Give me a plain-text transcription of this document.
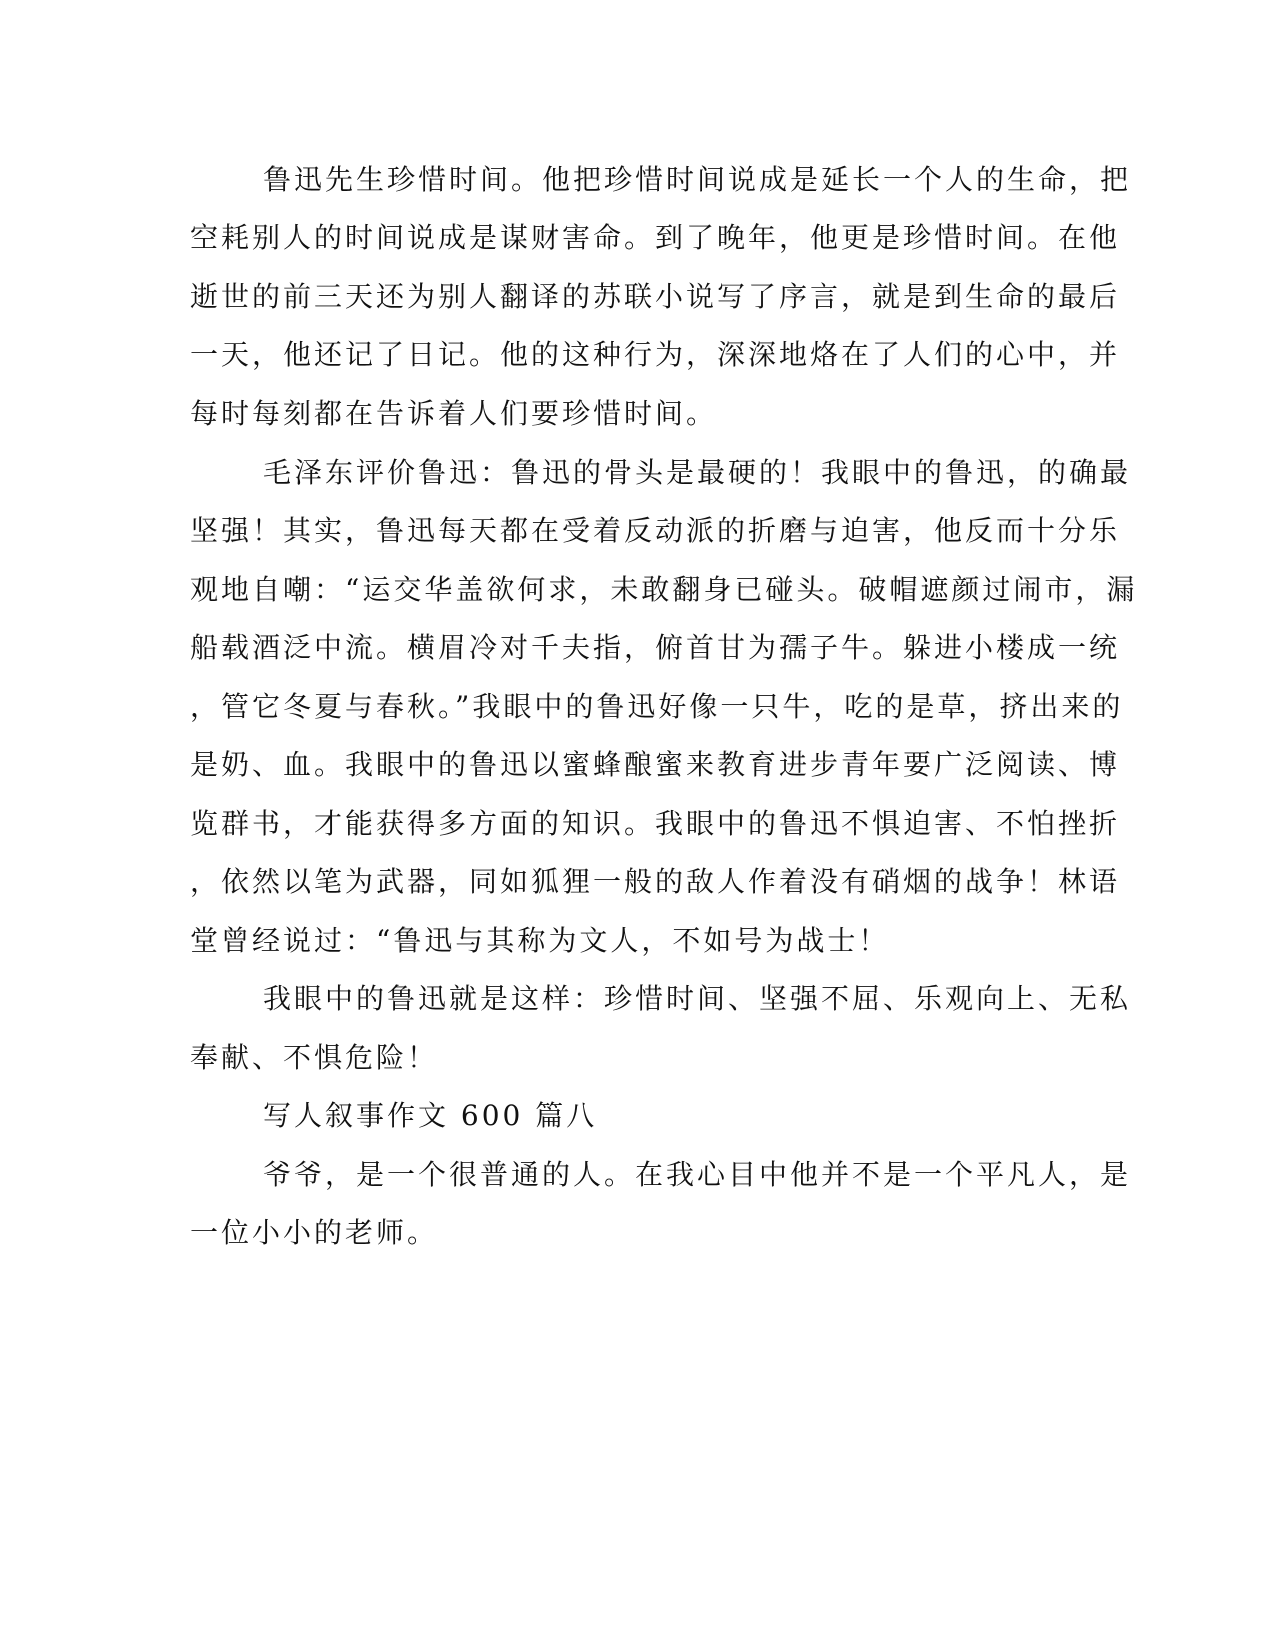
鲁迅先生珍惜时间。他把珍惜时间说成是延长一个人的生命，把
空耗别人的时间说成是谋财害命。到了晚年，他更是珍惜时间。在他
逝世的前三天还为别人翻译的苏联小说写了序言，就是到生命的最后
一天，他还记了日记。他的这种行为，深深地烙在了人们的心中，并
每时每刻都在告诉着人们要珍惜时间。
毛泽东评价鲁迅：鲁迅的骨头是最硬的！我眼中的鲁迅，的确最
坚强！其实，鲁迅每天都在受着反动派的折磨与迫害，他反而十分乐
观地自嘲：“运交华盖欲何求，未敢翻身已碰头。破帽遮颜过闹市，漏
船载酒泛中流。横眉冷对千夫指，俯首甘为孺子牛。躲进小楼成一统
，管它冬夏与春秋。”我眼中的鲁迅好像一只牛，吃的是草，挤出来的
是奶、血。我眼中的鲁迅以蜜蜂酿蜜来教育进步青年要广泛阅读、博
览群书，才能获得多方面的知识。我眼中的鲁迅不惧迫害、不怕挫折
，依然以笔为武器，同如狐狸一般的敌人作着没有硝烟的战争！林语
堂曾经说过：“鲁迅与其称为文人，不如号为战士！
我眼中的鲁迅就是这样：珍惜时间、坚强不屈、乐观向上、无私
奉献、不惧危险！
写人叙事作文 600 篇八
爷爷，是一个很普通的人。在我心目中他并不是一个平凡人，是
一位小小的老师。
